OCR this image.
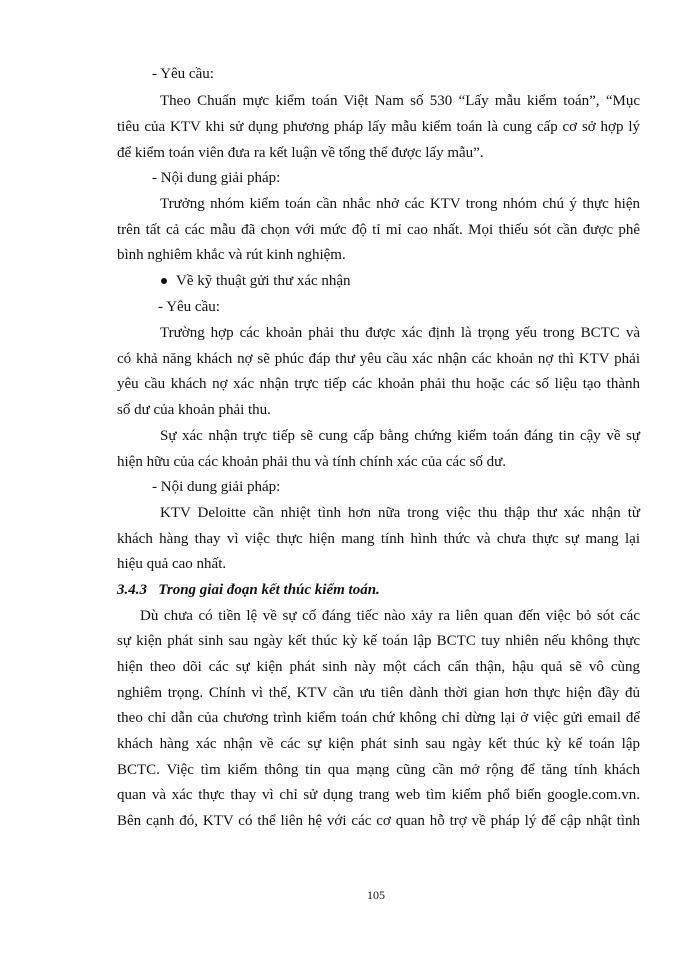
- Yêu cầu:
Theo Chuẩn mực kiểm toán Việt Nam số 530 “Lấy mẫu kiểm toán”, “Mục
tiêu của KTV khi sử dụng phương pháp lấy mẫu kiểm toán là cung cấp cơ sở hợp lý
để kiểm toán viên đưa ra kết luận về tổng thể được lấy mẫu”.
- Nội dung giải pháp:
Trưởng nhóm kiểm toán cần nhắc nhở các KTV trong nhóm chú ý thực hiện
trên tất cả các mẫu đã chọn với mức độ tỉ mỉ cao nhất. Mọi thiếu sót cần được phê
bình nghiêm khắc và rút kinh nghiệm.
Về kỹ thuật gửi thư xác nhận
- Yêu cầu:
Trường hợp các khoản phải thu được xác định là trọng yếu trong BCTC và
có khả năng khách nợ sẽ phúc đáp thư yêu cầu xác nhận các khoản nợ thì KTV phải
yêu cầu khách nợ xác nhận trực tiếp các khoản phải thu hoặc các số liệu tạo thành
số dư của khoản phải thu.
Sự xác nhận trực tiếp sẽ cung cấp bằng chứng kiểm toán đáng tin cậy về sự
hiện hữu của các khoản phải thu và tính chính xác của các số dư.
- Nội dung giải pháp:
KTV Deloitte cần nhiệt tình hơn nữa trong việc thu thập thư xác nhận từ
khách hàng thay vì việc thực hiện mang tính hình thức và chưa thực sự mang lại
hiệu quả cao nhất.
3.4.3   Trong giai đoạn kết thúc kiểm toán.
Dù chưa có tiền lệ về sự cố đáng tiếc nào xảy ra liên quan đến việc bỏ sót các
sự kiện phát sinh sau ngày kết thúc kỳ kế toán lập BCTC tuy nhiên nếu không thực
hiện theo dõi các sự kiện phát sinh này một cách cẩn thận, hậu quả sẽ vô cùng
nghiêm trọng. Chính vì thế, KTV cần ưu tiên dành thời gian hơn thực hiện đầy đủ
theo chỉ dẫn của chương trình kiểm toán chứ không chỉ dừng lại ở việc gửi email để
khách hàng xác nhận về các sự kiện phát sinh sau ngày kết thúc kỳ kế toán lập
BCTC. Việc tìm kiếm thông tin qua mạng cũng cần mở rộng để tăng tính khách
quan và xác thực thay vì chỉ sử dụng trang web tìm kiếm phổ biến google.com.vn.
Bên cạnh đó, KTV có thể liên hệ với các cơ quan hỗ trợ về pháp lý để cập nhật tình
105
